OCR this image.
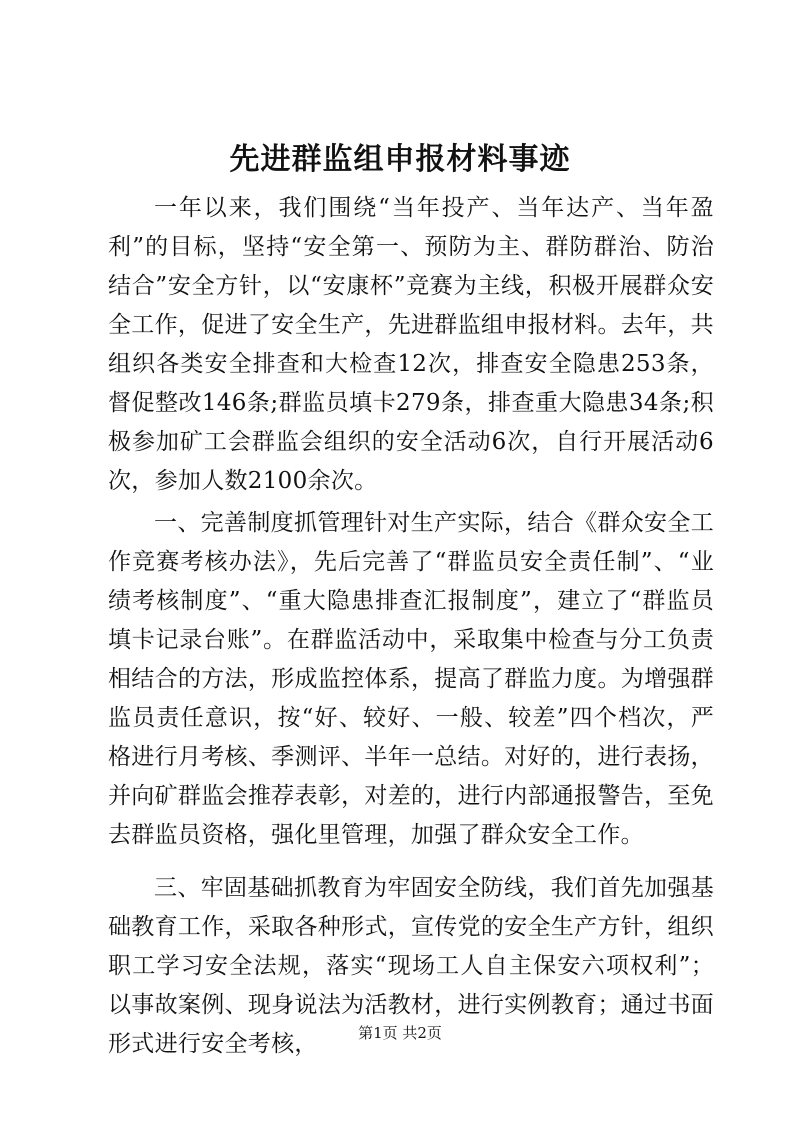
先进群监组申报材料事迹

一年以来，我们围绕“当年投产、当年达产、当年盈利”的目标，坚持“安全第一、预防为主、群防群治、防治结合”安全方针，以“安康杯”竞赛为主线，积极开展群众安全工作，促进了安全生产，先进群监组申报材料。去年，共组织各类安全排查和大检查12次，排查安全隐患253条，督促整改146条;群监员填卡279条，排查重大隐患34条;积极参加矿工会群监会组织的安全活动6次，自行开展活动6次，参加人数2100余次。

一、完善制度抓管理针对生产实际，结合《群众安全工作竞赛考核办法》，先后完善了“群监员安全责任制”、“业绩考核制度”、“重大隐患排查汇报制度”，建立了“群监员填卡记录台账”。在群监活动中，采取集中检查与分工负责相结合的方法，形成监控体系，提高了群监力度。为增强群监员责任意识，按“好、较好、一般、较差”四个档次，严格进行月考核、季测评、半年一总结。对好的，进行表扬，并向矿群监会推荐表彰，对差的，进行内部通报警告，至免去群监员资格，强化里管理，加强了群众安全工作。

三、牢固基础抓教育为牢固安全防线，我们首先加强基础教育工作，采取各种形式，宣传党的安全生产方针，组织职工学习安全法规，落实“现场工人自主保安六项权利”；以事故案例、现身说法为活教材，进行实例教育；通过书面形式进行安全考核，	第1页 共2页
